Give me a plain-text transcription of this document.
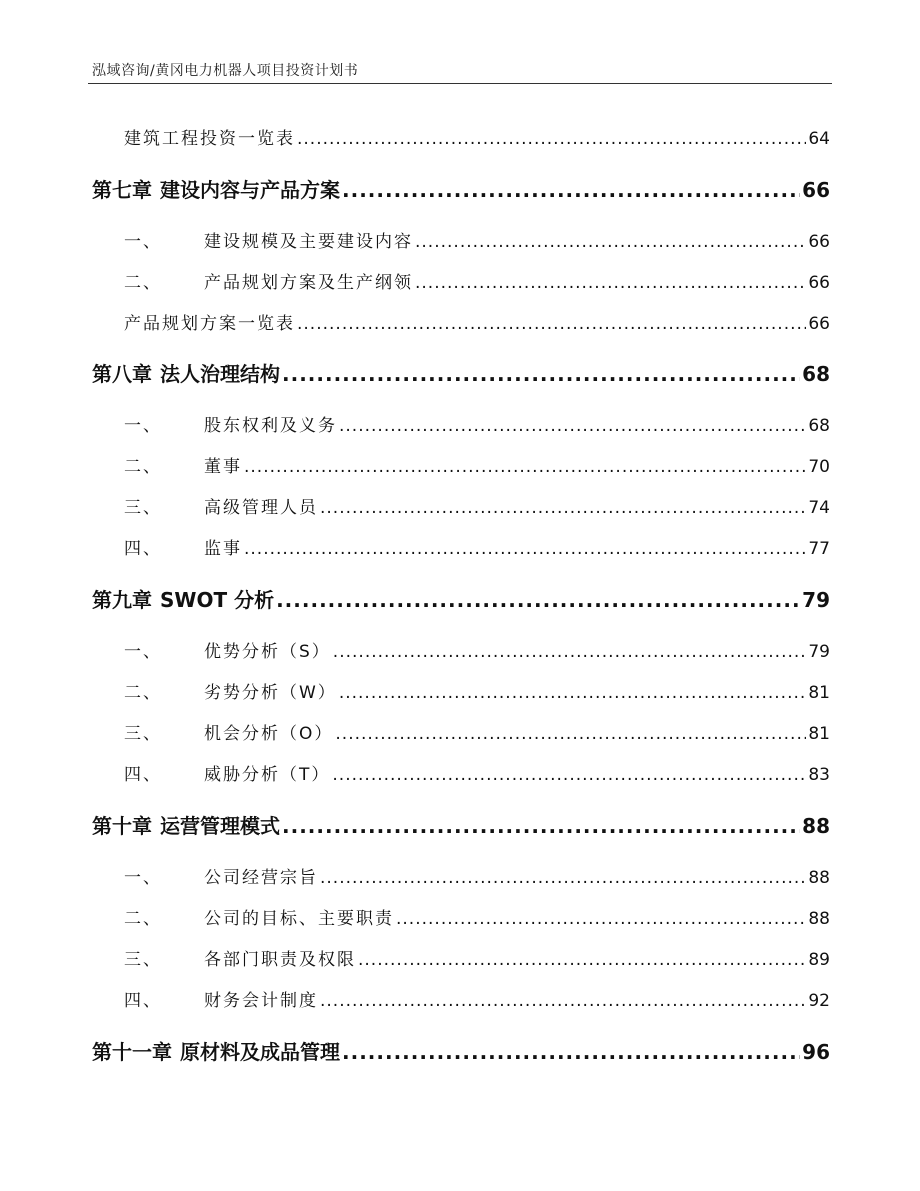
泓域咨询/黄冈电力机器人项目投资计划书
建筑工程投资一览表 .....	64
第七章 建设内容与产品方案 .....	66
一、	建设规模及主要建设内容 .....	66
二、	产品规划方案及生产纲领 .....	66
产品规划方案一览表 .....	66
第八章 法人治理结构 .....	68
一、	股东权利及义务 .....	68
二、	董事 .....	70
三、	高级管理人员 .....	74
四、	监事 .....	77
第九章 SWOT 分析 .....	79
一、	优势分析（S） .....	79
二、	劣势分析（W） .....	81
三、	机会分析（O） .....	81
四、	威胁分析（T） .....	83
第十章 运营管理模式 .....	88
一、	公司经营宗旨 .....	88
二、	公司的目标、主要职责 .....	88
三、	各部门职责及权限 .....	89
四、	财务会计制度 .....	92
第十一章 原材料及成品管理 .....	96
